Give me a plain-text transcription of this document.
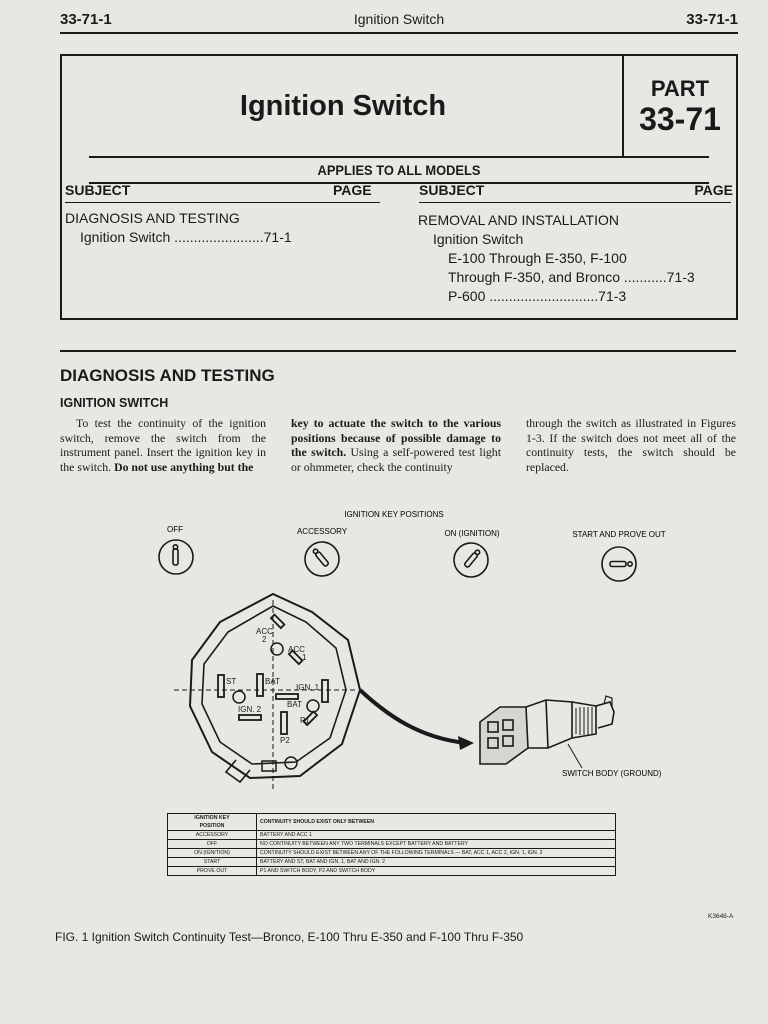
33-71-1	Ignition Switch	33-71-1
Ignition Switch
PART
33-71
APPLIES TO ALL MODELS
SUBJECT	PAGE	SUBJECT	PAGE
DIAGNOSIS AND TESTING
Ignition Switch .......................71-1
REMOVAL AND INSTALLATION
Ignition Switch
E-100 Through E-350, F-100
Through F-350, and Bronco ...........71-3
P-600 ............................71-3
DIAGNOSIS AND TESTING
IGNITION SWITCH
To test the continuity of the ignition switch, remove the switch from the instrument panel. Insert the ignition key in the switch. Do not use anything but the
key to actuate the switch to the various positions because of possible damage to the switch. Using a self-powered test light or ohmmeter, check the continuity
through the switch as illustrated in Figures 1-3. If the switch does not meet all of the continuity tests, the switch should be replaced.
IGNITION KEY POSITIONS
OFF	ACCESSORY	ON (IGNITION)	START AND PROVE OUT
ACC
2
ACC
1
ST	BAT
IGN. 1
BAT
IGN. 2
P1
P2
SWITCH BODY (GROUND)
IGNITION KEY
POSITION	CONTINUITY SHOULD EXIST ONLY BETWEEN
ACCESSORY	BATTERY AND ACC 1
OFF	NO CONTINUITY BETWEEN ANY TWO TERMINALS EXCEPT BATTERY AND BATTERY
ON (IGNITION)	CONTINUITY SHOULD EXIST BETWEEN ANY OF THE FOLLOWING TERMINALS — BAT, ACC 1, ACC 2, IGN. 1, IGN. 2
START	BATTERY AND ST, BAT AND IGN. 1, BAT AND IGN. 2
PROVE OUT	P1 AND SWITCH BODY, P2 AND SWITCH BODY
K3648-A
FIG. 1 Ignition Switch Continuity Test—Bronco, E-100 Thru E-350 and F-100 Thru F-350
